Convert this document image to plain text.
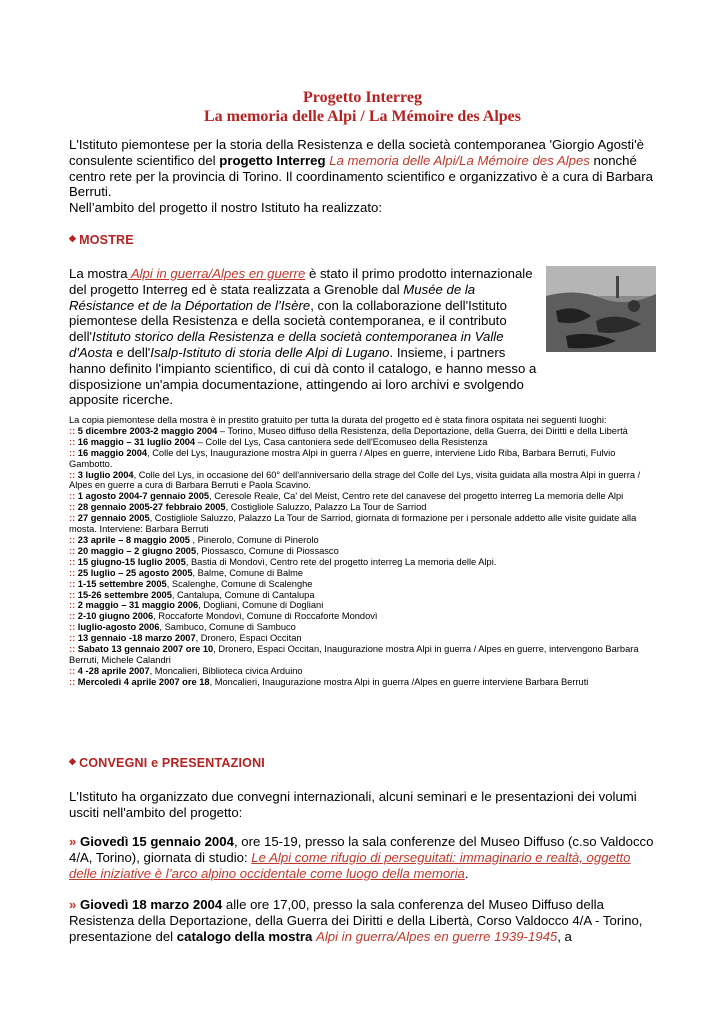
Progetto Interreg
La memoria delle Alpi / La Mémoire des Alpes
L'Istituto piemontese per la storia della Resistenza e della società contemporanea 'Giorgio Agosti'è consulente scientifico del progetto Interreg La memoria delle Alpi/La Mémoire des Alpes nonché centro rete per la provincia di Torino. Il coordinamento scientifico e organizzativo è a cura di Barbara Berruti.
Nell’ambito del progetto il nostro Istituto ha realizzato:
◆ MOSTRE
La mostra Alpi in guerra/Alpes en guerre è stato il primo prodotto internazionale del progetto Interreg ed è stata realizzata a Grenoble dal Musée de la Résistance et de la Déportation de l’Isère, con la collaborazione dell'Istituto piemontese della Resistenza e della società contemporanea, e il contributo dell'Istituto storico della Resistenza e della società contemporanea in Valle d'Aosta e dell'Isalp-Istituto di storia delle Alpi di Lugano. Insieme, i partners hanno definito l'impianto scientifico, di cui dà conto il catalogo, e hanno messo a disposizione un'ampia documentazione, attingendo ai loro archivi e svolgendo apposite ricerche.
La copia piemontese della mostra è in prestito gratuito per tutta la durata del progetto ed è stata finora ospitata nei seguenti luoghi:
:: 5 dicembre 2003-2 maggio 2004 – Torino, Museo diffuso della Resistenza, della Deportazione, della Guerra, dei Diritti e della Libertà
:: 16 maggio – 31 luglio 2004 – Colle del Lys, Casa cantoniera sede dell'Ecomuseo della Resistenza
:: 16 maggio 2004, Colle del Lys, Inaugurazione mostra Alpi in guerra / Alpes en guerre, interviene Lido Riba, Barbara Berruti, Fulvio Gambotto.
:: 3 luglio 2004, Colle del Lys, in occasione del 60° dell'anniversario della strage del Colle del Lys, visita guidata alla mostra Alpi in guerra / Alpes en guerre a cura di Barbara Berruti e Paola Scavino.
:: 1 agosto 2004-7 gennaio 2005, Ceresole Reale, Ca' del Meist, Centro rete del canavese del progetto interreg La memoria delle Alpi
:: 28 gennaio 2005-27 febbraio 2005, Costigliole Saluzzo, Palazzo La Tour de Sarriod
:: 27 gennaio 2005, Costigliole Saluzzo, Palazzo La Tour de Sarriod, giornata di formazione per i personale addetto alle visite guidate alla mosta. Interviene: Barbara Berruti
:: 23 aprile – 8 maggio 2005 , Pinerolo, Comune di Pinerolo
:: 20 maggio – 2 giugno 2005, Piossasco, Comune di Piossasco
:: 15 giugno-15 luglio 2005, Bastia di Mondovì, Centro rete del progetto interreg La memoria delle Alpi.
:: 25 luglio – 25 agosto 2005, Balme, Comune di Balme
:: 1-15 settembre 2005, Scalenghe, Comune di Scalenghe
:: 15-26 settembre 2005, Cantalupa, Comune di Cantalupa
:: 2 maggio – 31 maggio 2006, Dogliani, Comune di Dogliani
:: 2-10 giugno 2006, Roccaforte Mondovì, Comune di Roccaforte Mondovì
:: luglio-agosto 2006, Sambuco, Comune di Sambuco
:: 13 gennaio -18 marzo 2007, Dronero, Espaci Occitan
:: Sabato 13 gennaio 2007 ore 10, Dronero, Espaci Occitan, Inaugurazione mostra Alpi in guerra / Alpes en guerre, intervengono Barbara Berruti, Michele Calandri
:: 4 -28 aprile 2007, Moncalieri, Biblioteca civica Arduino
:: Mercoledì 4 aprile 2007 ore 18, Moncalieri, Inaugurazione mostra Alpi in guerra /Alpes en guerre interviene Barbara Berruti
◆ CONVEGNI e PRESENTAZIONI
L'Istituto ha organizzato due convegni internazionali, alcuni seminari e le presentazioni dei volumi usciti nell'ambito del progetto:
» Giovedì 15 gennaio 2004, ore 15-19, presso la sala conferenze del Museo Diffuso (c.so Valdocco 4/A, Torino), giornata di studio: Le Alpi come rifugio di perseguitati: immaginario e realtà, oggetto delle iniziative è l’arco alpino occidentale come luogo della memoria.
» Giovedì 18 marzo 2004 alle ore 17,00, presso la sala conferenza del Museo Diffuso della Resistenza della Deportazione, della Guerra dei Diritti e della Libertà, Corso Valdocco 4/A - Torino, presentazione del catalogo della mostra Alpi in guerra/Alpes en guerre 1939-1945, a
